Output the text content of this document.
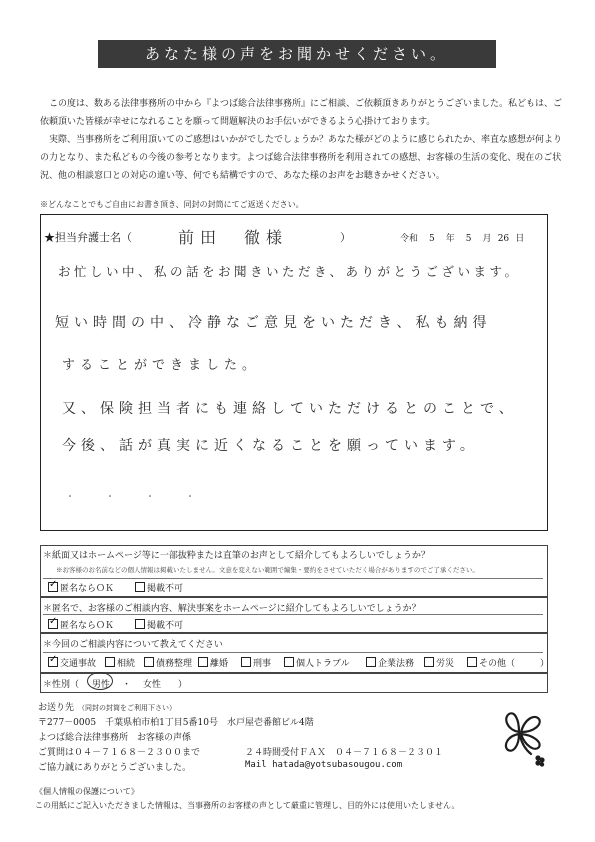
あなた様の声をお聞かせください。

この度は、数ある法律事務所の中から『よつば総合法律事務所』にご相談、ご依頼頂きありがとうございました。私どもは、ご依頼頂いた皆様が幸せになれることを願って問題解決のお手伝いができるよう心掛けております。

実際、当事務所をご利用頂いてのご感想はいかがでしたでしょうか？あなた様がどのように感じられたか、率直な感想が何よりの力となり、また私どもの今後の参考となります。よつば総合法律事務所を利用されての感想、お客様の生活の変化、現在のご状況、他の相談窓口との対応の違い等、何でも結構ですので、あなた様のお声をお聴きかせください。

※どんなことでもご自由にお書き頂き、同封の封筒にてご返送ください。
★担当弁護士名（	前田　徹様	）	令和 5 年 5 月 26 日
お忙しい中、私の話をお聞きいただき、ありがとうございます。
短い時間の中、冷静なご意見をいただき、私も納得
することができました。
又、保険担当者にも連絡していただけるとのことで、
今後、話が真実に近くなることを願っています。
・・・・
＊紙面又はホームページ等に一部抜粋または直筆のお声として紹介してもよろしいでしょうか？
※お客様のお名前などの個人情報は掲載いたしません。文意を変えない範囲で編集・要約をさせていただく場合がありますのでご了承ください。
✓匿名ならＯＫ	掲載不可
＊匿名で、お客様のご相談内容、解決事案をホームページに紹介してもよろしいでしょうか？
✓匿名ならＯＫ	掲載不可
＊今回のご相談内容について教えてください
✓交通事故	相続	債務整理	離婚	刑事	個人トラブル	企業法務	労災	その他（	）
＊性別（ 男性 ・ 女性 ）
お送り先 （同封の封筒をご利用下さい）
〒277－0005　千葉県柏市柏1丁目5番10号　水戸屋壱番館ビル4階
よつば総合法律事務所　お客様の声係
ご質問は０４－７１６８－２３００まで	２４時間受付ＦＡＸ　０４－７１６８－２３０１
ご協力誠にありがとうございました。	Mail hatada@yotsubasougou.com
《個人情報の保護について》
この用紙にご記入いただきました情報は、当事務所のお客様の声として厳重に管理し、目的外には使用いたしません。
